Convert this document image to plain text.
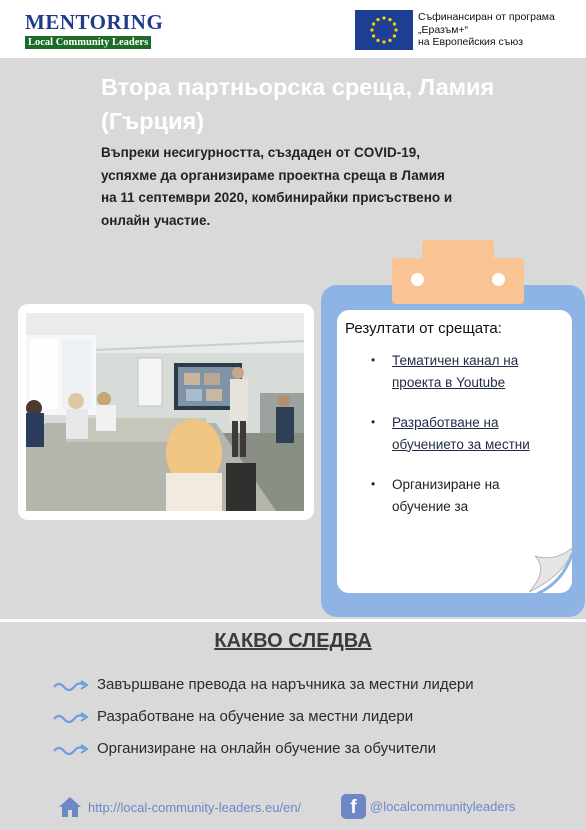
MENTORING
Local Community Leaders
Съфинансиран от програма
„Еразъм+“
на Европейския съюз
Втора партньорска среща, Ламия
(Гърция)
Въпреки несигурността, създаден от COVID-19,
успяхме да организираме проектна среща в Ламия
на 11 септември 2020, комбинирайки присъствено и
онлайн участие.
Резултати от срещата:
• Тематичен канал на проекта в Youtube
• Разработване на обучението за местни
• Организиране на обучение за
КАКВО СЛЕДВА
Завършване превода на наръчника за местни лидери
Разработване на обучение за местни лидери
Организиране на онлайн обучение за обучители
http://local-community-leaders.eu/en/	f	@localcommunityleaders
